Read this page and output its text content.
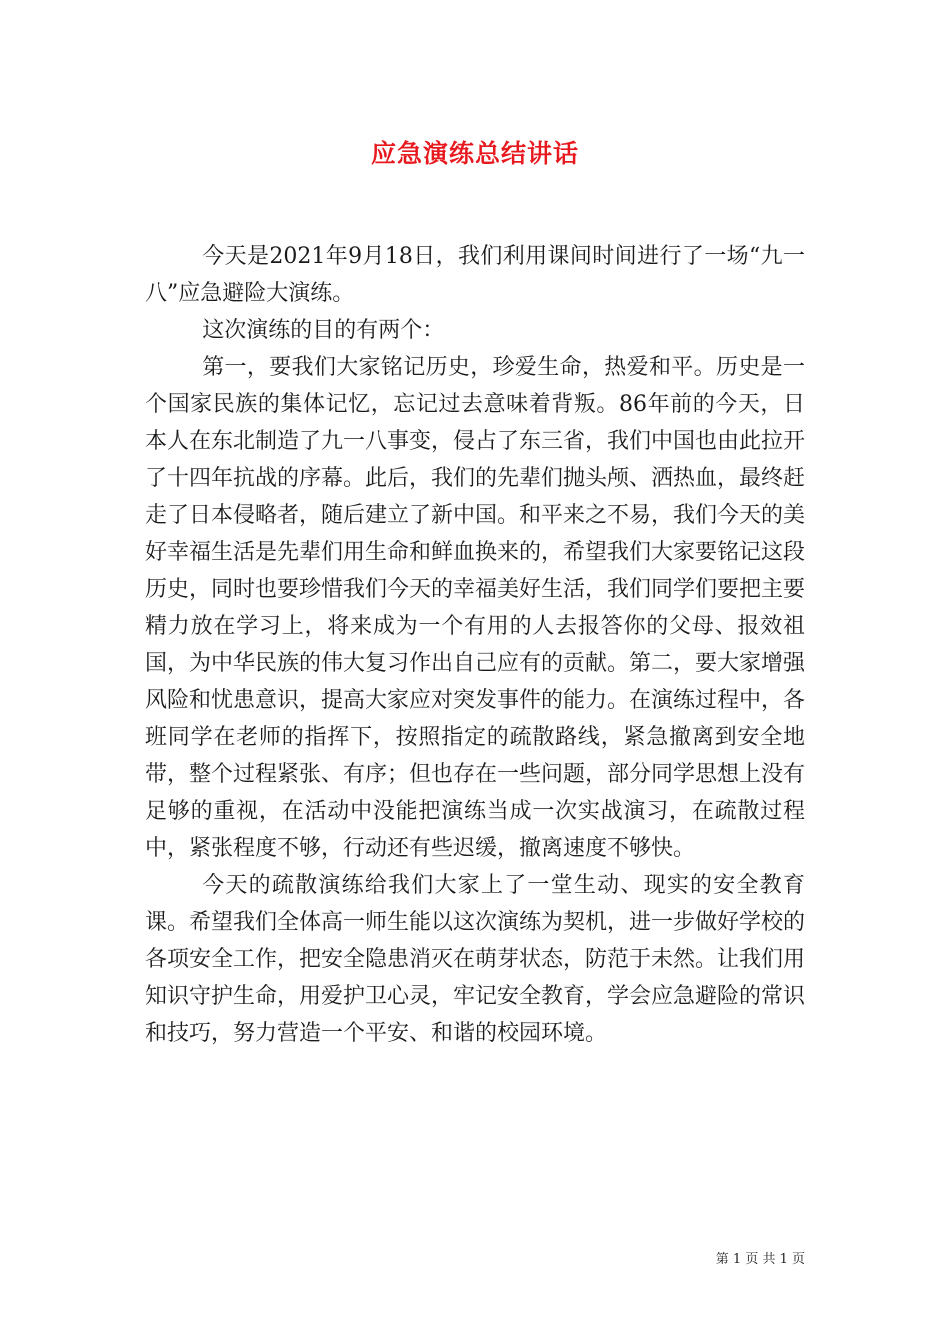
应急演练总结讲话

今天是2021年9月18日，我们利用课间时间进行了一场“九一八”应急避险大演练。

这次演练的目的有两个：

第一，要我们大家铭记历史，珍爱生命，热爱和平。历史是一个国家民族的集体记忆，忘记过去意味着背叛。86年前的今天，日本人在东北制造了九一八事变，侵占了东三省，我们中国也由此拉开了十四年抗战的序幕。此后，我们的先辈们抛头颅、洒热血，最终赶走了日本侵略者，随后建立了新中国。和平来之不易，我们今天的美好幸福生活是先辈们用生命和鲜血换来的，希望我们大家要铭记这段历史，同时也要珍惜我们今天的幸福美好生活，我们同学们要把主要精力放在学习上，将来成为一个有用的人去报答你的父母、报效祖国，为中华民族的伟大复习作出自己应有的贡献。第二，要大家增强风险和忧患意识，提高大家应对突发事件的能力。在演练过程中，各班同学在老师的指挥下，按照指定的疏散路线，紧急撤离到安全地带，整个过程紧张、有序；但也存在一些问题，部分同学思想上没有足够的重视，在活动中没能把演练当成一次实战演习，在疏散过程中，紧张程度不够，行动还有些迟缓，撤离速度不够快。

今天的疏散演练给我们大家上了一堂生动、现实的安全教育课。希望我们全体高一师生能以这次演练为契机，进一步做好学校的各项安全工作，把安全隐患消灭在萌芽状态，防范于未然。让我们用知识守护生命，用爱护卫心灵，牢记安全教育，学会应急避险的常识和技巧，努力营造一个平安、和谐的校园环境。

第 1 页 共 1 页
